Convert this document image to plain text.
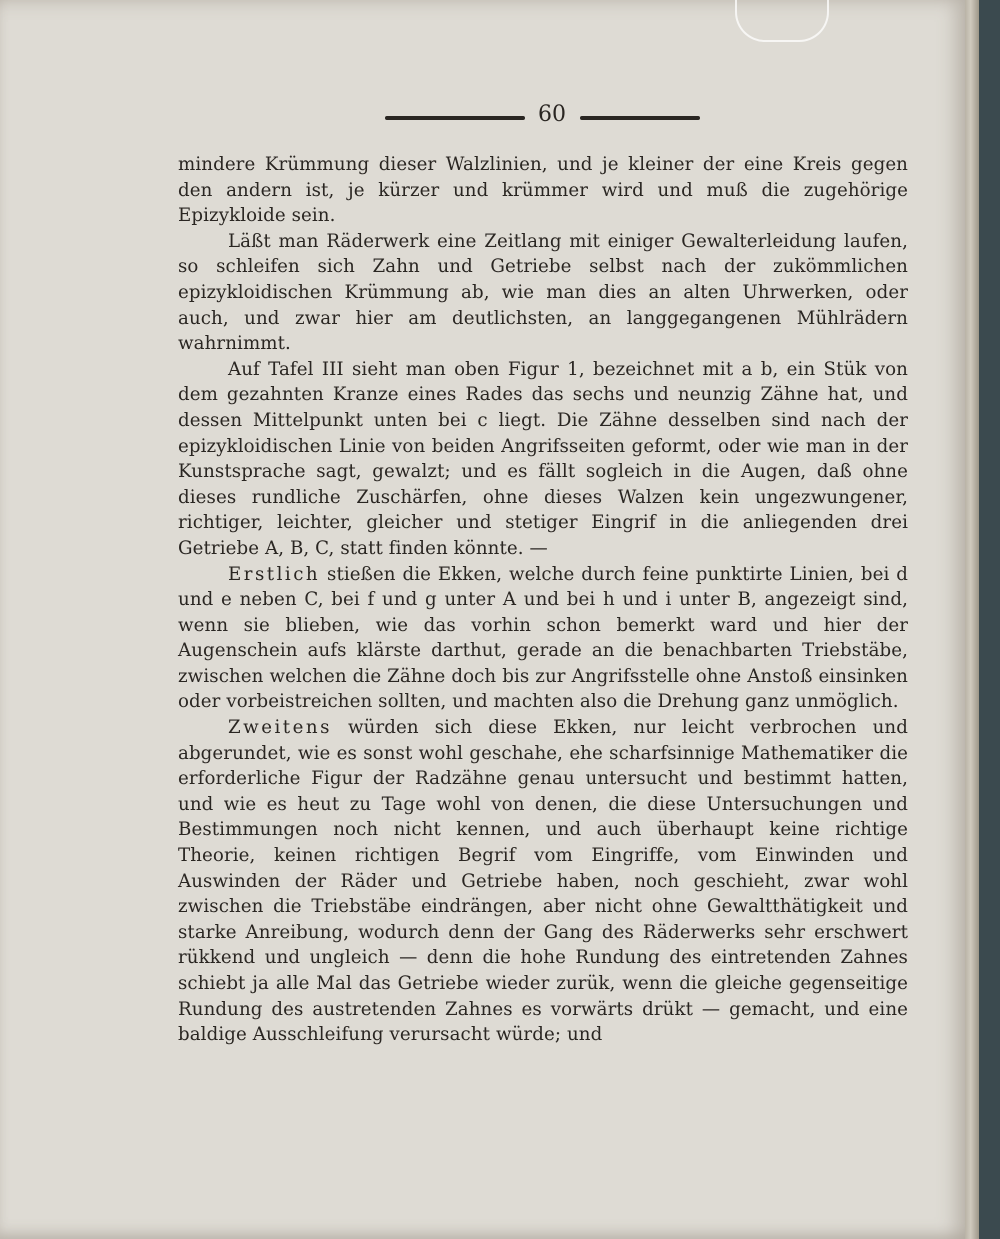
60

mindere Krümmung dieser Walzlinien, und je kleiner der eine Kreis gegen den andern ist, je kürzer und krümmer wird und muß die zugehörige Epizykloide sein.

Läßt man Räderwerk eine Zeitlang mit einiger Gewalterleidung laufen, so schleifen sich Zahn und Getriebe selbst nach der zukömmlichen epizykloidischen Krümmung ab, wie man dies an alten Uhrwerken, oder auch, und zwar hier am deutlichsten, an langgegangenen Mühlrädern wahrnimmt.

Auf Tafel III sieht man oben Figur 1, bezeichnet mit a b, ein Stük von dem gezahnten Kranze eines Rades das sechs und neunzig Zähne hat, und dessen Mittelpunkt unten bei c liegt. Die Zähne desselben sind nach der epizykloidischen Linie von beiden Angrifsseiten geformt, oder wie man in der Kunstsprache sagt, gewalzt; und es fällt sogleich in die Augen, daß ohne dieses rundliche Zuschärfen, ohne dieses Walzen kein ungezwungener, richtiger, leichter, gleicher und stetiger Eingrif in die anliegenden drei Getriebe A, B, C, statt finden könnte. —

Erstlich stießen die Ekken, welche durch feine punktirte Linien, bei d und e neben C, bei f und g unter A und bei h und i unter B, angezeigt sind, wenn sie blieben, wie das vorhin schon bemerkt ward und hier der Augenschein aufs klärste darthut, gerade an die benachbarten Triebstäbe, zwischen welchen die Zähne doch bis zur Angrifsstelle ohne Anstoß einsinken oder vorbeistreichen sollten, und machten also die Drehung ganz unmöglich.

Zweitens würden sich diese Ekken, nur leicht verbrochen und abgerundet, wie es sonst wohl geschahe, ehe scharfsinnige Mathematiker die erforderliche Figur der Radzähne genau untersucht und bestimmt hatten, und wie es heut zu Tage wohl von denen, die diese Untersuchungen und Bestimmungen noch nicht kennen, und auch überhaupt keine richtige Theorie, keinen richtigen Begrif vom Eingriffe, vom Einwinden und Auswinden der Räder und Getriebe haben, noch geschieht, zwar wohl zwischen die Triebstäbe eindrängen, aber nicht ohne Gewaltthätigkeit und starke Anreibung, wodurch denn der Gang des Räderwerks sehr erschwert rükkend und ungleich — denn die hohe Rundung des eintretenden Zahnes schiebt ja alle Mal das Getriebe wieder zurük, wenn die gleiche gegenseitige Rundung des austretenden Zahnes es vorwärts drükt — gemacht, und eine baldige Ausschleifung verursacht würde; und
